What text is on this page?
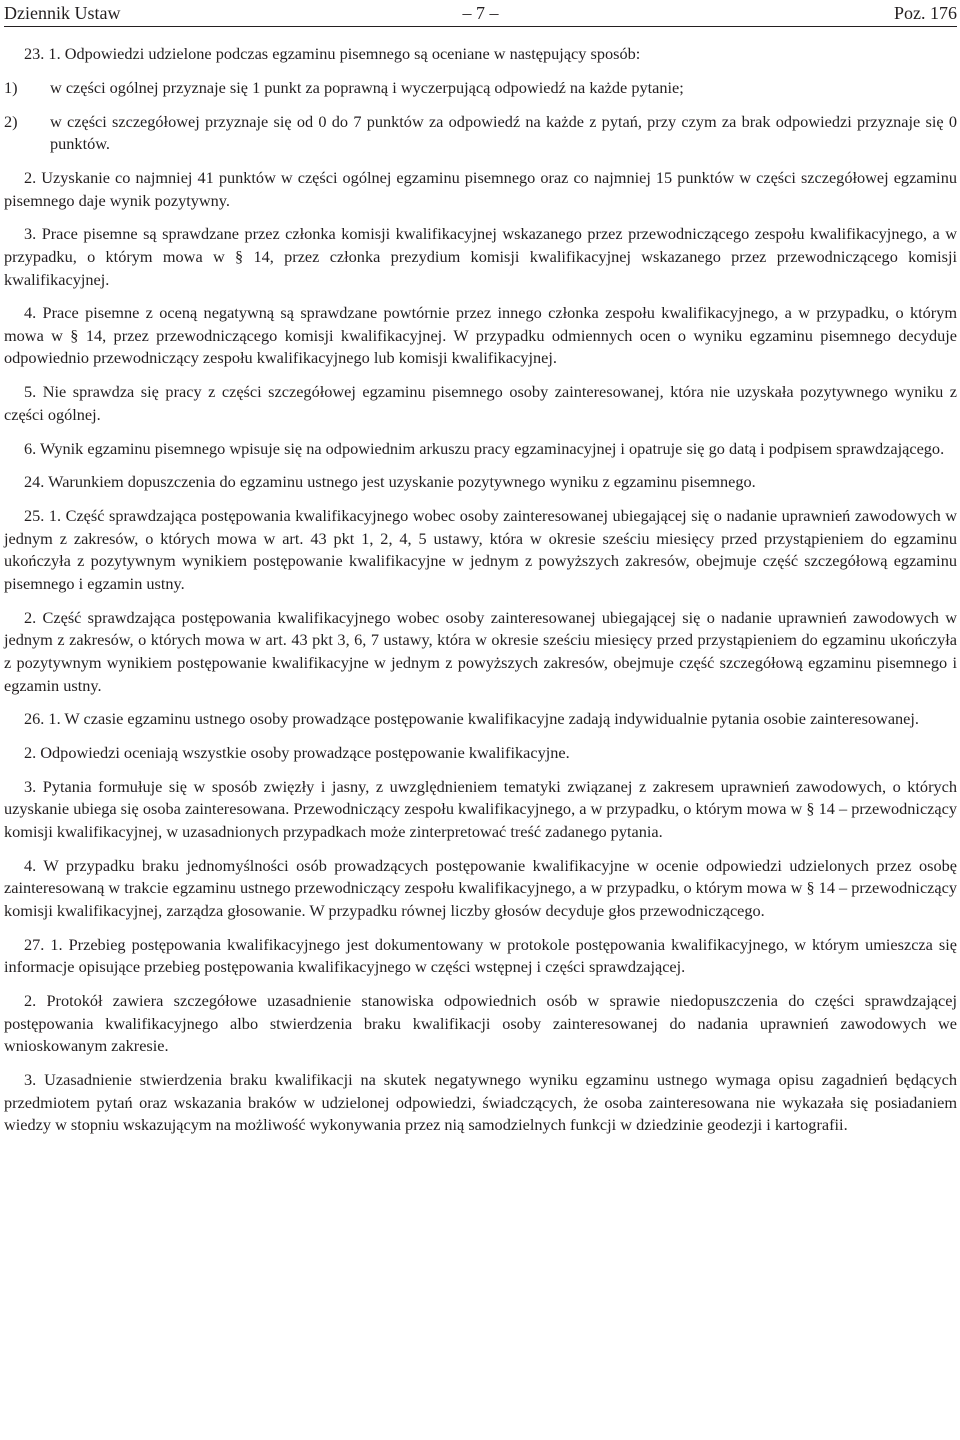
Dziennik Ustaw	– 7 –	Poz. 176
23. 1. Odpowiedzi udzielone podczas egzaminu pisemnego są oceniane w następujący sposób:
1) w części ogólnej przyznaje się 1 punkt za poprawną i wyczerpującą odpowiedź na każde pytanie;
2) w części szczegółowej przyznaje się od 0 do 7 punktów za odpowiedź na każde z pytań, przy czym za brak odpowiedzi przyznaje się 0 punktów.
2. Uzyskanie co najmniej 41 punktów w części ogólnej egzaminu pisemnego oraz co najmniej 15 punktów w części szczegółowej egzaminu pisemnego daje wynik pozytywny.
3. Prace pisemne są sprawdzane przez członka komisji kwalifikacyjnej wskazanego przez przewodniczącego zespołu kwalifikacyjnego, a w przypadku, o którym mowa w § 14, przez członka prezydium komisji kwalifikacyjnej wskazanego przez przewodniczącego komisji kwalifikacyjnej.
4. Prace pisemne z oceną negatywną są sprawdzane powtórnie przez innego członka zespołu kwalifikacyjnego, a w przypadku, o którym mowa w § 14, przez przewodniczącego komisji kwalifikacyjnej. W przypadku odmiennych ocen o wyniku egzaminu pisemnego decyduje odpowiednio przewodniczący zespołu kwalifikacyjnego lub komisji kwalifikacyjnej.
5. Nie sprawdza się pracy z części szczegółowej egzaminu pisemnego osoby zainteresowanej, która nie uzyskała pozytywnego wyniku z części ogólnej.
6. Wynik egzaminu pisemnego wpisuje się na odpowiednim arkuszu pracy egzaminacyjnej i opatruje się go datą i podpisem sprawdzającego.
24. Warunkiem dopuszczenia do egzaminu ustnego jest uzyskanie pozytywnego wyniku z egzaminu pisemnego.
25. 1. Część sprawdzająca postępowania kwalifikacyjnego wobec osoby zainteresowanej ubiegającej się o nadanie uprawnień zawodowych w jednym z zakresów, o których mowa w art. 43 pkt 1, 2, 4, 5 ustawy, która w okresie sześciu miesięcy przed przystąpieniem do egzaminu ukończyła z pozytywnym wynikiem postępowanie kwalifikacyjne w jednym z powyższych zakresów, obejmuje część szczegółową egzaminu pisemnego i egzamin ustny.
2. Część sprawdzająca postępowania kwalifikacyjnego wobec osoby zainteresowanej ubiegającej się o nadanie uprawnień zawodowych w jednym z zakresów, o których mowa w art. 43 pkt 3, 6, 7 ustawy, która w okresie sześciu miesięcy przed przystąpieniem do egzaminu ukończyła z pozytywnym wynikiem postępowanie kwalifikacyjne w jednym z powyższych zakresów, obejmuje część szczegółową egzaminu pisemnego i egzamin ustny.
26. 1. W czasie egzaminu ustnego osoby prowadzące postępowanie kwalifikacyjne zadają indywidualnie pytania osobie zainteresowanej.
2. Odpowiedzi oceniają wszystkie osoby prowadzące postępowanie kwalifikacyjne.
3. Pytania formułuje się w sposób zwięzły i jasny, z uwzględnieniem tematyki związanej z zakresem uprawnień zawodowych, o których uzyskanie ubiega się osoba zainteresowana. Przewodniczący zespołu kwalifikacyjnego, a w przypadku, o którym mowa w § 14 – przewodniczący komisji kwalifikacyjnej, w uzasadnionych przypadkach może zinterpretować treść zadanego pytania.
4. W przypadku braku jednomyślności osób prowadzących postępowanie kwalifikacyjne w ocenie odpowiedzi udzielonych przez osobę zainteresowaną w trakcie egzaminu ustnego przewodniczący zespołu kwalifikacyjnego, a w przypadku, o którym mowa w § 14 – przewodniczący komisji kwalifikacyjnej, zarządza głosowanie. W przypadku równej liczby głosów decyduje głos przewodniczącego.
27. 1. Przebieg postępowania kwalifikacyjnego jest dokumentowany w protokole postępowania kwalifikacyjnego, w którym umieszcza się informacje opisujące przebieg postępowania kwalifikacyjnego w części wstępnej i części sprawdzającej.
2. Protokół zawiera szczegółowe uzasadnienie stanowiska odpowiednich osób w sprawie niedopuszczenia do części sprawdzającej postępowania kwalifikacyjnego albo stwierdzenia braku kwalifikacji osoby zainteresowanej do nadania uprawnień zawodowych we wnioskowanym zakresie.
3. Uzasadnienie stwierdzenia braku kwalifikacji na skutek negatywnego wyniku egzaminu ustnego wymaga opisu zagadnień będących przedmiotem pytań oraz wskazania braków w udzielonej odpowiedzi, świadczących, że osoba zainteresowana nie wykazała się posiadaniem wiedzy w stopniu wskazującym na możliwość wykonywania przez nią samodzielnych funkcji w dziedzinie geodezji i kartografii.
